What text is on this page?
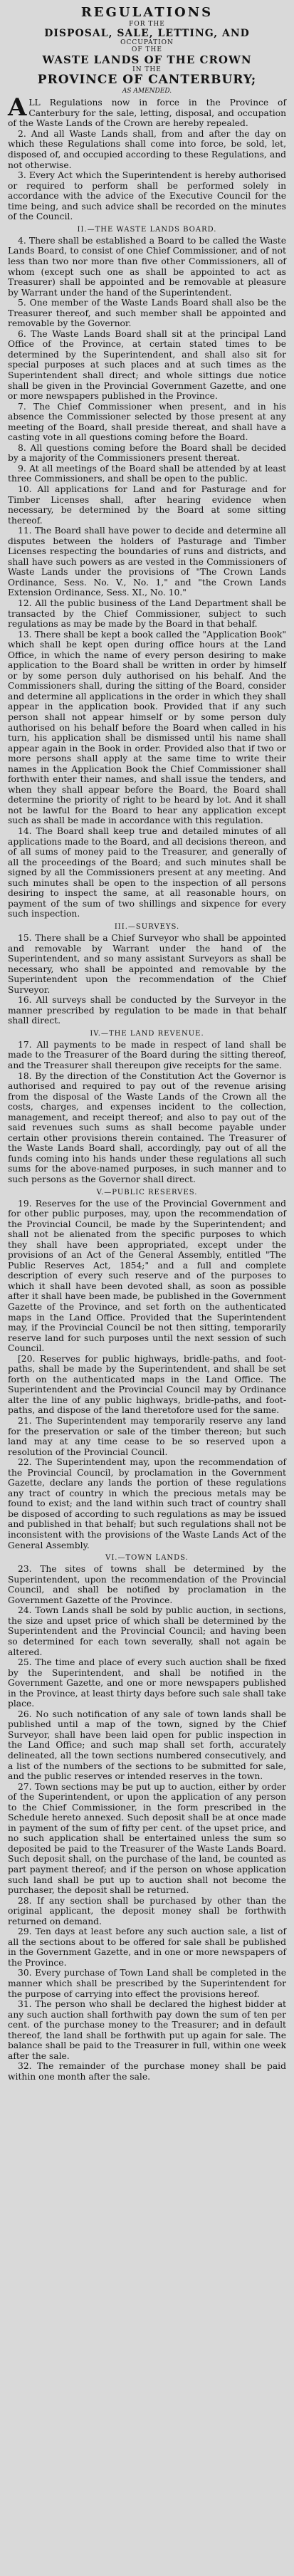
REGULATIONS
FOR THE
DISPOSAL, SALE, LETTING, AND
OCCUPATION
OF THE
WASTE LANDS OF THE CROWN
IN THE
PROVINCE OF CANTERBURY;
AS AMENDED.

ALL Regulations now in force in the Province of Canterbury for the sale, letting, disposal, and occupation of the Waste Lands of the Crown are hereby repealed.

2. And all Waste Lands shall, from and after the day on which these Regulations shall come into force, be sold, let, disposed of, and occupied according to these Regulations, and not otherwise.

3. Every Act which the Superintendent is hereby authorised or required to perform shall be performed solely in accordance with the advice of the Executive Council for the time being, and such advice shall be recorded on the minutes of the Council.

II.—THE WASTE LANDS BOARD.

4. There shall be established a Board to be called the Waste Lands Board, to consist of one Chief Commissioner, and of not less than two nor more than five other Commissioners, all of whom (except such one as shall be appointed to act as Treasurer) shall be appointed and be removable at pleasure by Warrant under the hand of the Superintendent.

5. One member of the Waste Lands Board shall also be the Treasurer thereof, and such member shall be appointed and removable by the Governor.

6. The Waste Lands Board shall sit at the principal Land Office of the Province, at certain stated times to be determined by the Superintendent, and shall also sit for special purposes at such places and at such times as the Superintendent shall direct; and whole sittings due notice shall be given in the Provincial Government Gazette, and one or more newspapers published in the Province.

7. The Chief Commissioner when present, and in his absence the Commissioner selected by those present at any meeting of the Board, shall preside thereat, and shall have a casting vote in all questions coming before the Board.

8. All questions coming before the Board shall be decided by a majority of the Commissioners present thereat.

9. At all meetings of the Board shall be attended by at least three Commissioners, and shall be open to the public.

10. All applications for Land and for Pasturage and for Timber Licenses shall, after hearing evidence when necessary, be determined by the Board at some sitting thereof.

11. The Board shall have power to decide and determine all disputes between the holders of Pasturage and Timber Licenses respecting the boundaries of runs and districts, and shall have such powers as are vested in the Commissioners of Waste Lands under the provisions of "The Crown Lands Ordinance, Sess. No. V., No. 1," and "the Crown Lands Extension Ordinance, Sess. XI., No. 10."

12. All the public business of the Land Department shall be transacted by the Chief Commissioner, subject to such regulations as may be made by the Board in that behalf.

13. There shall be kept a book called the "Application Book" which shall be kept open during office hours at the Land Office, in which the name of every person desiring to make application to the Board shall be written in order by himself or by some person duly authorised on his behalf. And the Commissioners shall, during the sitting of the Board, consider and determine all applications in the order in which they shall appear in the application book. Provided that if any such person shall not appear himself or by some person duly authorised on his behalf before the Board when called in his turn, his application shall be dismissed until his name shall appear again in the Book in order. Provided also that if two or more persons shall apply at the same time to write their names in the Application Book the Chief Commissioner shall forthwith enter their names, and shall issue the tenders, and when they shall appear before the Board, the Board shall determine the priority of right to be heard by lot. And it shall not be lawful for the Board to hear any application except such as shall be made in accordance with this regulation.

14. The Board shall keep true and detailed minutes of all applications made to the Board, and all decisions thereon, and of all sums of money paid to the Treasurer, and generally of all the proceedings of the Board; and such minutes shall be signed by all the Commissioners present at any meeting. And such minutes shall be open to the inspection of all persons desiring to inspect the same, at all reasonable hours, on payment of the sum of two shillings and sixpence for every such inspection.

III.—SURVEYS.

15. There shall be a Chief Surveyor who shall be appointed and removable by Warrant under the hand of the Superintendent, and so many assistant Surveyors as shall be necessary, who shall be appointed and removable by the Superintendent upon the recommendation of the Chief Surveyor.

16. All surveys shall be conducted by the Surveyor in the manner prescribed by regulation to be made in that behalf shall direct.

IV.—THE LAND REVENUE.

17. All payments to be made in respect of land shall be made to the Treasurer of the Board during the sitting thereof, and the Treasurer shall thereupon give receipts for the same.

18. By the direction of the Constitution Act the Governor is authorised and required to pay out of the revenue arising from the disposal of the Waste Lands of the Crown all the costs, charges, and expenses incident to the collection, management, and receipt thereof; and also to pay out of the said revenues such sums as shall become payable under certain other provisions therein contained. The Treasurer of the Waste Lands Board shall, accordingly, pay out of all the funds coming into his hands under these regulations all such sums for the above-named purposes, in such manner and to such persons as the Governor shall direct.

V.—PUBLIC RESERVES.

19. Reserves for the use of the Provincial Government and for other public purposes, may, upon the recommendation of the Provincial Council, be made by the Superintendent; and shall not be alienated from the specific purposes to which they shall have been appropriated, except under the provisions of an Act of the General Assembly, entitled "The Public Reserves Act, 1854;" and a full and complete description of every such reserve and of the purposes to which it shall have been devoted shall, as soon as possible after it shall have been made, be published in the Government Gazette of the Province, and set forth on the authenticated maps in the Land Office. Provided that the Superintendent may, if the Provincial Council be not then sitting, temporarily reserve land for such purposes until the next session of such Council.

[20. Reserves for public highways, bridle-paths, and foot-paths, shall be made by the Superintendent, and shall be set forth on the authenticated maps in the Land Office. The Superintendent and the Provincial Council may by Ordinance alter the line of any public highways, bridle-paths, and foot-paths, and dispose of the land theretofore used for the same.

21. The Superintendent may temporarily reserve any land for the preservation or sale of the timber thereon; but such land may at any time cease to be so reserved upon a resolution of the Provincial Council.

22. The Superintendent may, upon the recommendation of the Provincial Council, by proclamation in the Government Gazette, declare any lands the portion of these regulations any tract of country in which the precious metals may be found to exist; and the land within such tract of country shall be disposed of according to such regulations as may be issued and published in that behalf; but such regulations shall not be inconsistent with the provisions of the Waste Lands Act of the General Assembly.

VI.—TOWN LANDS.

23. The sites of towns shall be determined by the Superintendent, upon the recommendation of the Provincial Council, and shall be notified by proclamation in the Government Gazette of the Province.

24. Town Lands shall be sold by public auction, in sections, the size and upset price of which shall be determined by the Superintendent and the Provincial Council; and having been so determined for each town severally, shall not again be altered.

25. The time and place of every such auction shall be fixed by the Superintendent, and shall be notified in the Government Gazette, and one or more newspapers published in the Province, at least thirty days before such sale shall take place.

26. No such notification of any sale of town lands shall be published until a map of the town, signed by the Chief Surveyor, shall have been laid open for public inspection in the Land Office; and such map shall set forth, accurately delineated, all the town sections numbered consecutively, and a list of the numbers of the sections to be submitted for sale, and the public reserves or intended reserves in the town.

27. Town sections may be put up to auction, either by order of the Superintendent, or upon the application of any person to the Chief Commissioner, in the form prescribed in the Schedule hereto annexed. Such deposit shall be at once made in payment of the sum of fifty per cent. of the upset price, and no such application shall be entertained unless the sum so deposited be paid to the Treasurer of the Waste Lands Board. Such deposit shall, on the purchase of the land, be counted as part payment thereof; and if the person on whose application such land shall be put up to auction shall not become the purchaser, the deposit shall be returned.

28. If any section shall be purchased by other than the original applicant, the deposit money shall be forthwith returned on demand.

29. Ten days at least before any such auction sale, a list of all the sections about to be offered for sale shall be published in the Government Gazette, and in one or more newspapers of the Province.

30. Every purchase of Town Land shall be completed in the manner which shall be prescribed by the Superintendent for the purpose of carrying into effect the provisions hereof.

31. The person who shall be declared the highest bidder at any such auction shall forthwith pay down the sum of ten per cent. of the purchase money to the Treasurer; and in default thereof, the land shall be forthwith put up again for sale. The balance shall be paid to the Treasurer in full, within one week after the sale.

32. The remainder of the purchase money shall be paid within one month after the sale.
